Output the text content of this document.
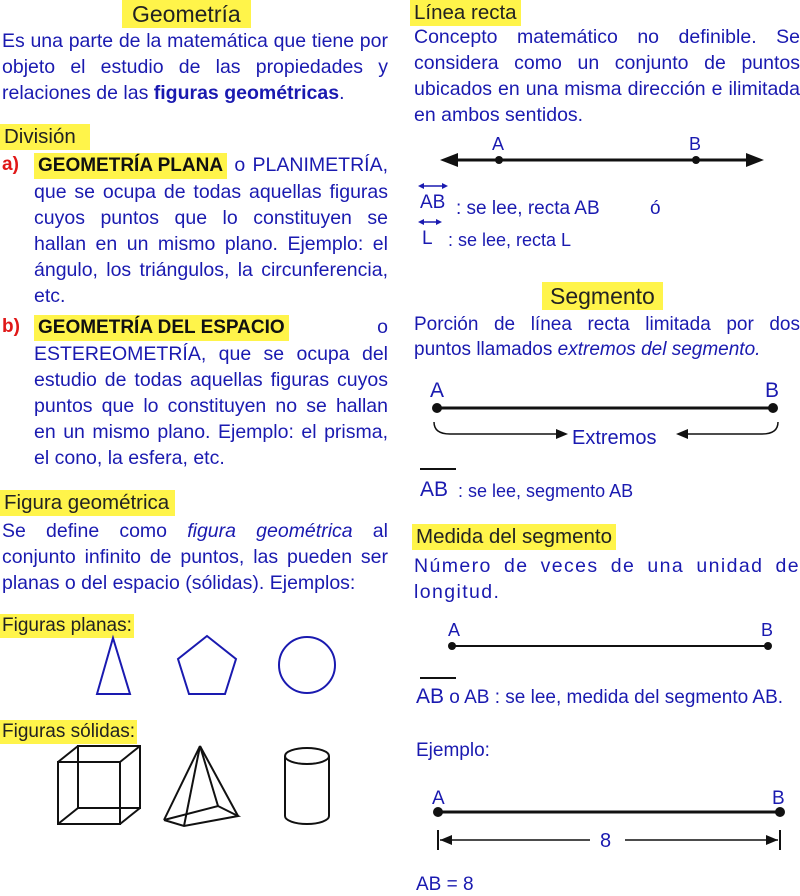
Geometría

Es una parte de la matemática que tiene por objeto el estudio de las propiedades y relaciones de las figuras geométricas.

División
a) GEOMETRÍA PLANA o PLANIMETRÍA, que se ocupa de todas aquellas figuras cuyos puntos que lo constituyen se hallan en un mismo plano. Ejemplo: el ángulo, los triángulos, la circunferencia, etc.

b) GEOMETRÍA DEL ESPACIO o ESTEREOMETRÍA, que se ocupa del estudio de todas aquellas figuras cuyos puntos que lo constituyen no se hallan en un mismo plano. Ejemplo: el prisma, el cono, la esfera, etc.

Figura geométrica

Se define como figura geométrica al conjunto infinito de puntos, las pueden ser planas o del espacio (sólidas). Ejemplos:

Figuras planas:
Figuras sólidas:
Línea recta

Concepto matemático no definible. Se considera como un conjunto de puntos ubicados en una misma dirección e ilimitada en ambos sentidos.

A	B
AB : se lee, recta AB	ó
L : se lee, recta L
Segmento

Porción de línea recta limitada por dos puntos llamados extremos del segmento.

A	B
Extremos
AB : se lee, segmento AB
Medida del segmento

Número de veces de una unidad de longitud.

A	B

AB o AB : se lee, medida del segmento AB.

Ejemplo:
A	B
8
AB = 8
